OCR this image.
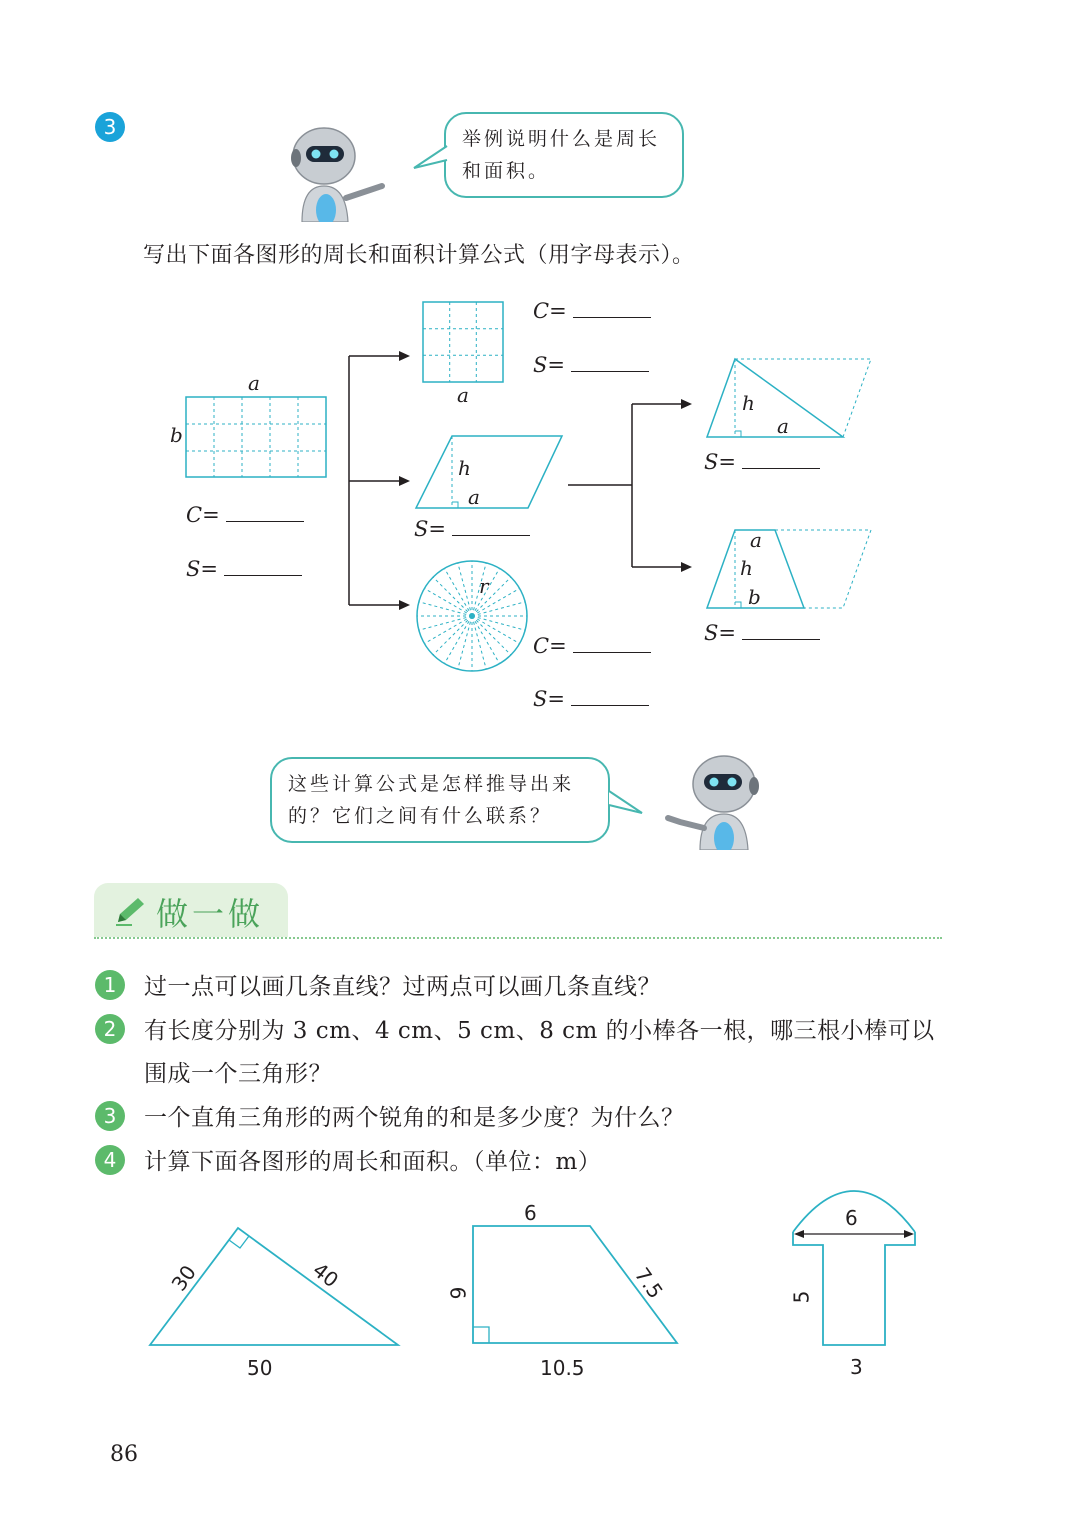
3	举例说明什么是周长
和面积。
写出下面各图形的周长和面积计算公式（用字母表示）。
a
b
C=
S=
a
C=
S=
h
a
S=
r
C=
S=
h
a
S=
a
h
b
S=
这些计算公式是怎样推导出来
的？它们之间有什么联系？
做一做
1	过一点可以画几条直线？过两点可以画几条直线？
2	有长度分别为 3 cm、4 cm、5 cm、8 cm 的小棒各一根，哪三根小棒可以
围成一个三角形？
3	一个直角三角形的两个锐角的和是多少度？为什么？
4	计算下面各图形的周长和面积。（单位：m）
30	40
50
6
6	7.5
10.5
6
5
3
86
